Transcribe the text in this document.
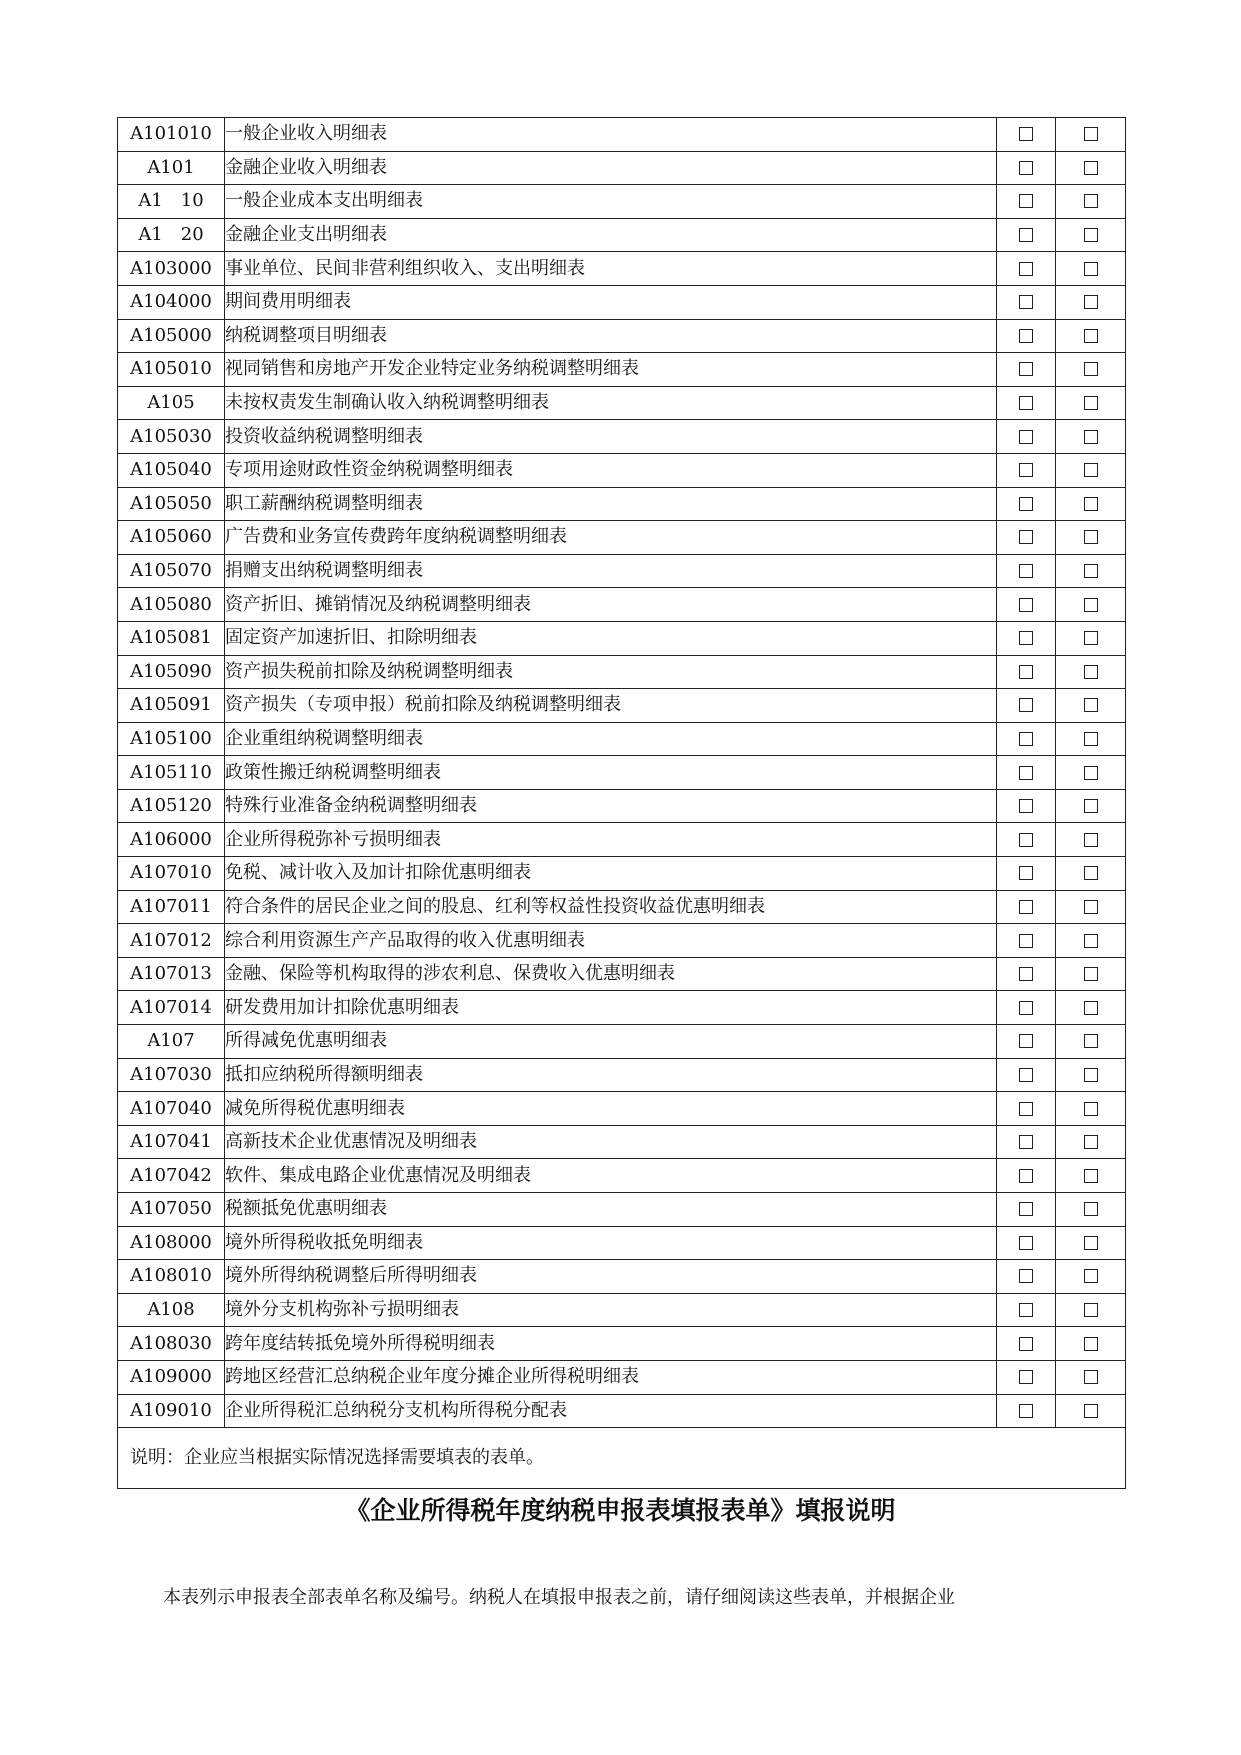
A101010	一般企业收入明细表		
A101	金融企业收入明细表		
A1　10	一般企业成本支出明细表		
A1　20	金融企业支出明细表		
A103000	事业单位、民间非营利组织收入、支出明细表		
A104000	期间费用明细表		
A105000	纳税调整项目明细表		
A105010	视同销售和房地产开发企业特定业务纳税调整明细表		
A105	未按权责发生制确认收入纳税调整明细表		
A105030	投资收益纳税调整明细表		
A105040	专项用途财政性资金纳税调整明细表		
A105050	职工薪酬纳税调整明细表		
A105060	广告费和业务宣传费跨年度纳税调整明细表		
A105070	捐赠支出纳税调整明细表		
A105080	资产折旧、摊销情况及纳税调整明细表		
A105081	固定资产加速折旧、扣除明细表		
A105090	资产损失税前扣除及纳税调整明细表		
A105091	资产损失（专项申报）税前扣除及纳税调整明细表		
A105100	企业重组纳税调整明细表		
A105110	政策性搬迁纳税调整明细表		
A105120	特殊行业准备金纳税调整明细表		
A106000	企业所得税弥补亏损明细表		
A107010	免税、减计收入及加计扣除优惠明细表		
A107011	符合条件的居民企业之间的股息、红利等权益性投资收益优惠明细表		
A107012	综合利用资源生产产品取得的收入优惠明细表		
A107013	金融、保险等机构取得的涉农利息、保费收入优惠明细表		
A107014	研发费用加计扣除优惠明细表		
A107	所得减免优惠明细表		
A107030	抵扣应纳税所得额明细表		
A107040	减免所得税优惠明细表		
A107041	高新技术企业优惠情况及明细表		
A107042	软件、集成电路企业优惠情况及明细表		
A107050	税额抵免优惠明细表		
A108000	境外所得税收抵免明细表		
A108010	境外所得纳税调整后所得明细表		
A108	境外分支机构弥补亏损明细表		
A108030	跨年度结转抵免境外所得税明细表		
A109000	跨地区经营汇总纳税企业年度分摊企业所得税明细表		
A109010	企业所得税汇总纳税分支机构所得税分配表		
说明：企业应当根据实际情况选择需要填表的表单。			
《企业所得税年度纳税申报表填报表单》填报说明

本表列示申报表全部表单名称及编号。纳税人在填报申报表之前，请仔细阅读这些表单，并根据企业
